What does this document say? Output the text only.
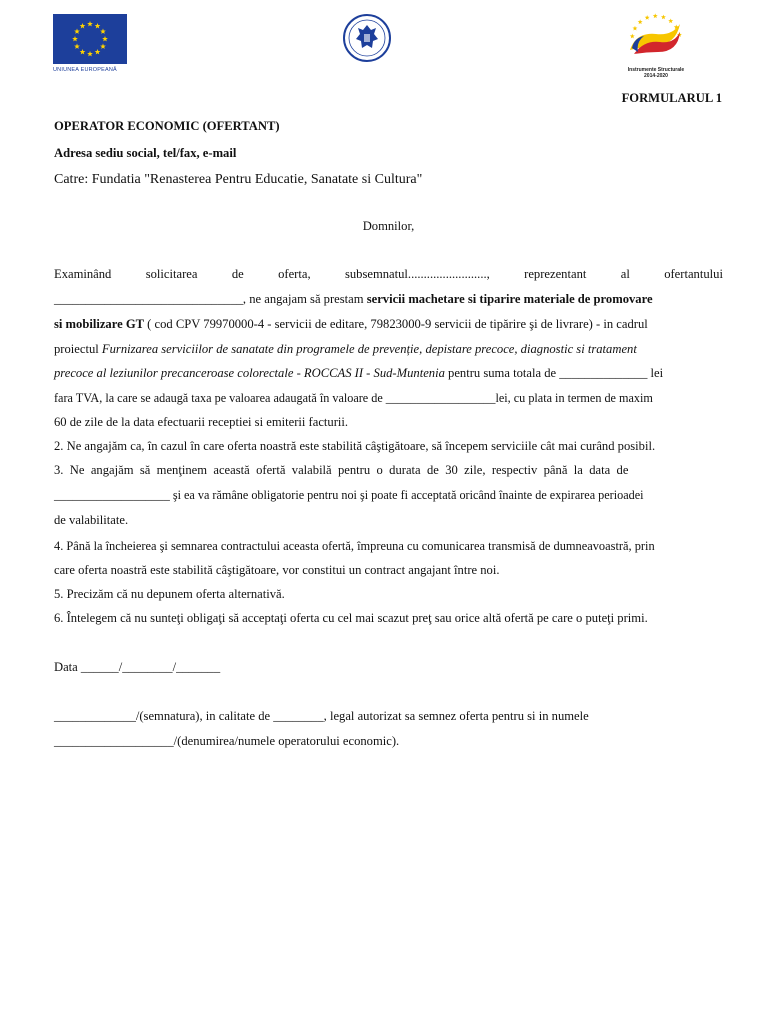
UNIUNEA EUROPEANĂ	Instrumente Structurale
2014-2020
FORMULARUL 1
OPERATOR ECONOMIC (OFERTANT)
Adresa sediu social, tel/fax, e-mail
Catre: Fundatia "Renasterea Pentru Educatie, Sanatate si Cultura"
Domnilor,
Examinând	solicitarea	de	oferta,	subsemnatul.........................,	reprezentant	al	ofertantului
______________________________, ne angajam să prestam servicii machetare si tiparire materiale de promovare
si mobilizare GT ( cod CPV 79970000-4 - servicii de editare, 79823000-9 servicii de tipărire şi de livrare) - in cadrul
proiectul Furnizarea serviciilor de sanatate din programele de prevenție, depistare precoce, diagnostic si tratament
precoce al leziunilor precanceroase colorectale - ROCCAS II - Sud-Muntenia pentru suma totala de ______________ lei
fara TVA, la care se adaugă taxa pe valoarea adaugată în valoare de __________________lei, cu plata in termen de maxim
60 de zile de la data efectuarii receptiei si emiterii facturii.
2. Ne angajăm ca, în cazul în care oferta noastră este stabilită câştigătoare, să începem serviciile cât mai curând posibil.
3. Ne angajăm să menţinem această ofertă valabilă pentru o durata de 30 zile, respectiv până la data de
___________________ şi ea va rămâne obligatorie pentru noi şi poate fi acceptată oricând înainte de expirarea perioadei
de valabilitate.
4. Până la încheierea şi semnarea contractului aceasta ofertă, împreuna cu comunicarea transmisă de dumneavoastră, prin
care oferta noastră este stabilită câştigătoare, vor constitui un contract angajant între noi.
5. Precizăm că nu depunem oferta alternativă.
6. Întelegem că nu sunteţi obligaţi să acceptaţi oferta cu cel mai scazut preţ sau orice altă ofertă pe care o puteţi primi.
Data ______/________/_______
_____________/(semnatura), in calitate de ________, legal autorizat sa semnez oferta pentru si in numele
___________________/(denumirea/numele operatorului economic).
